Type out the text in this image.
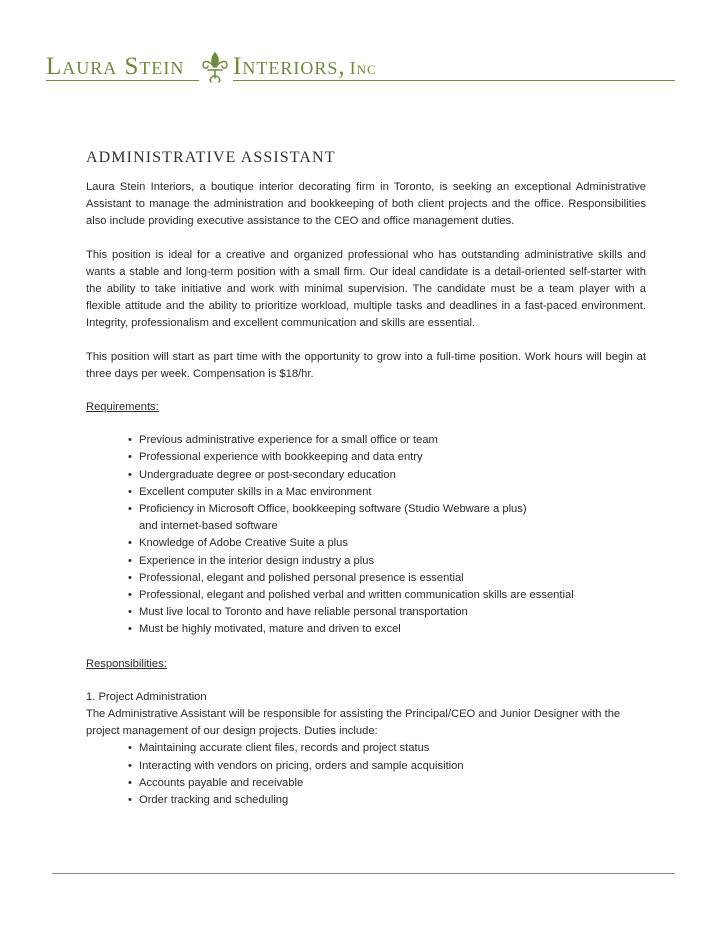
Laura Stein Interiors, Inc
ADMINISTRATIVE ASSISTANT

Laura Stein Interiors, a boutique interior decorating firm in Toronto, is seeking an exceptional Administrative Assistant to manage the administration and bookkeeping of both client projects and the office. Responsibilities also include providing executive assistance to the CEO and office management duties.

This position is ideal for a creative and organized professional who has outstanding administrative skills and wants a stable and long-term position with a small firm. Our ideal candidate is a detail-oriented self-starter with the ability to take initiative and work with minimal supervision. The candidate must be a team player with a flexible attitude and the ability to prioritize workload, multiple tasks and deadlines in a fast-paced environment. Integrity, professionalism and excellent communication and skills are essential.

This position will start as part time with the opportunity to grow into a full-time position. Work hours will begin at three days per week. Compensation is $18/hr.

Requirements:
• Previous administrative experience for a small office or team
• Professional experience with bookkeeping and data entry
• Undergraduate degree or post-secondary education
• Excellent computer skills in a Mac environment
• Proficiency in Microsoft Office, bookkeeping software (Studio Webware a plus) and internet-based software
• Knowledge of Adobe Creative Suite a plus
• Experience in the interior design industry a plus
• Professional, elegant and polished personal presence is essential
• Professional, elegant and polished verbal and written communication skills are essential
• Must live local to Toronto and have reliable personal transportation
• Must be highly motivated, mature and driven to excel
Responsibilities:
1. Project Administration

The Administrative Assistant will be responsible for assisting the Principal/CEO and Junior Designer with the project management of our design projects. Duties include:

• Maintaining accurate client files, records and project status
• Interacting with vendors on pricing, orders and sample acquisition
• Accounts payable and receivable
• Order tracking and scheduling
